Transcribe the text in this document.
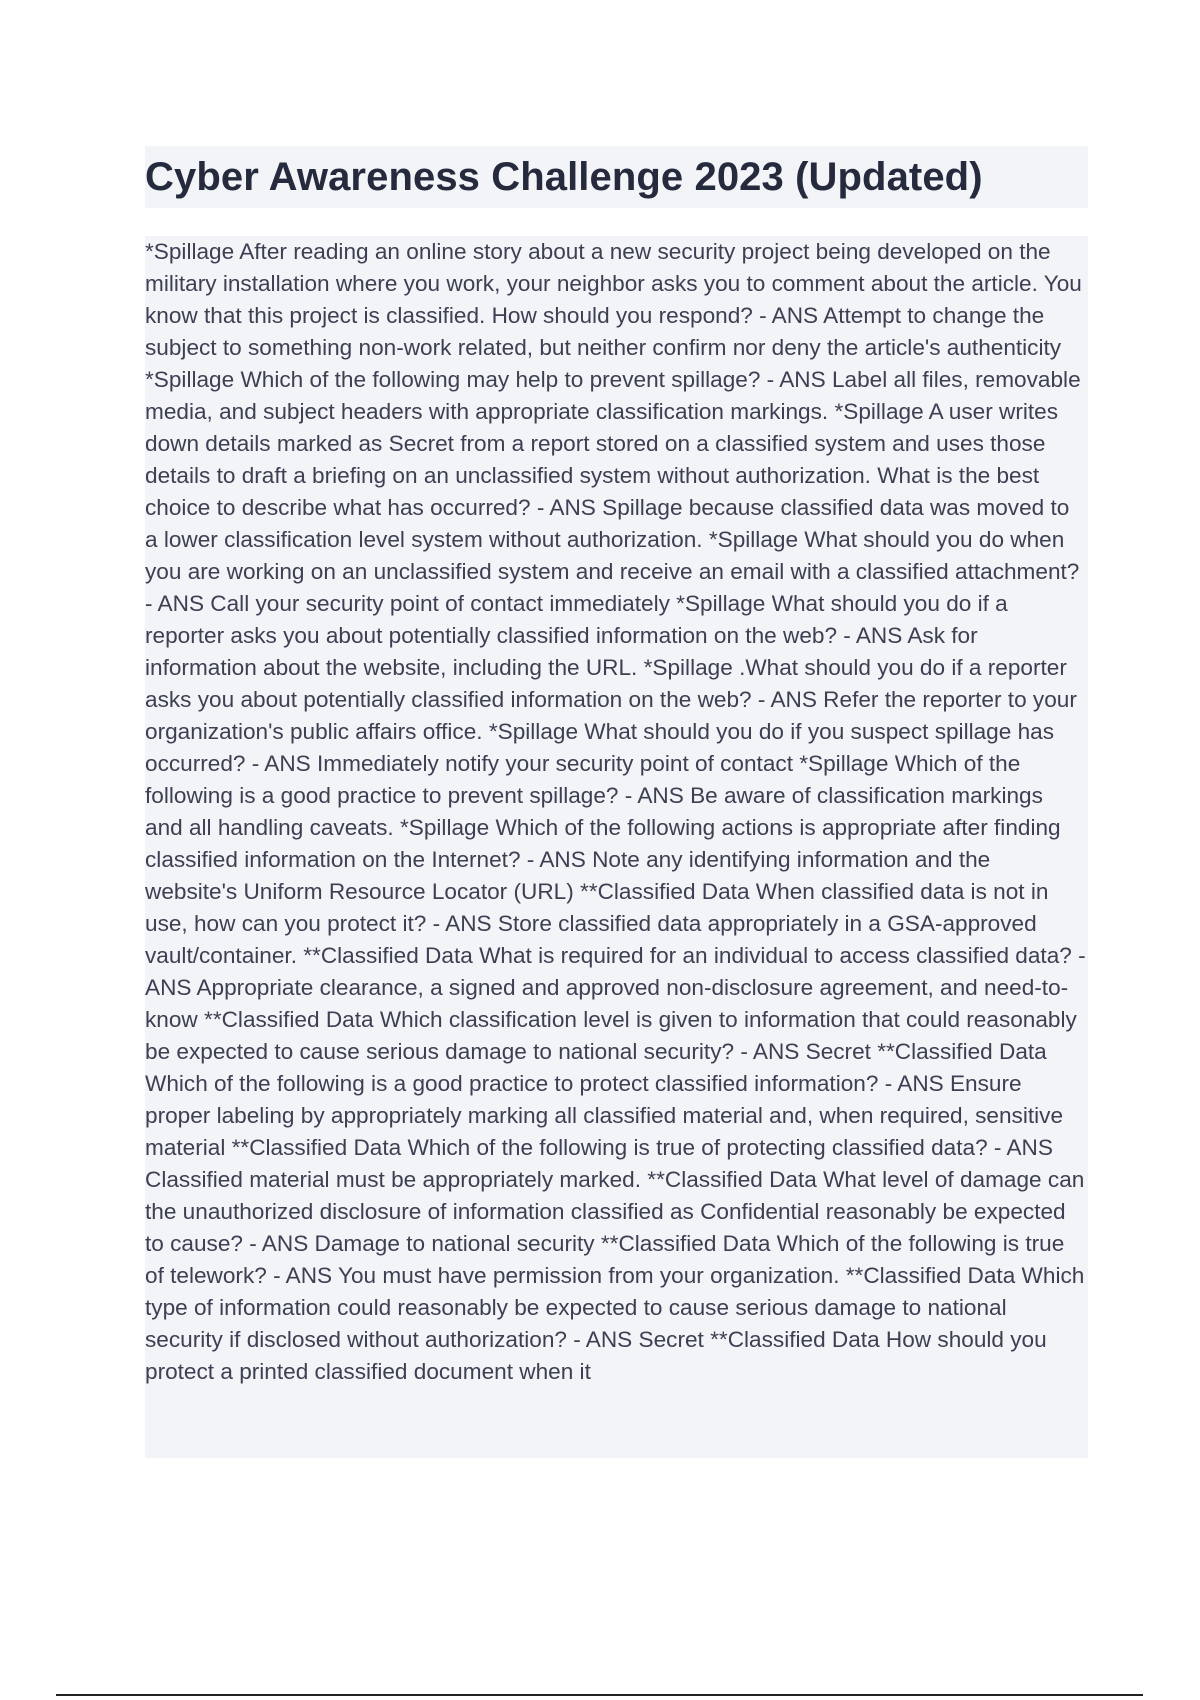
Cyber Awareness Challenge 2023 (Updated)

*Spillage After reading an online story about a new security project being developed on the military installation where you work, your neighbor asks you to comment about the article. You know that this project is classified. How should you respond? - ANS Attempt to change the subject to something non-work related, but neither confirm nor deny the article's authenticity *Spillage Which of the following may help to prevent spillage? - ANS Label all files, removable media, and subject headers with appropriate classification markings. *Spillage A user writes down details marked as Secret from a report stored on a classified system and uses those details to draft a briefing on an unclassified system without authorization. What is the best choice to describe what has occurred? - ANS Spillage because classified data was moved to a lower classification level system without authorization. *Spillage What should you do when you are working on an unclassified system and receive an email with a classified attachment? - ANS Call your security point of contact immediately *Spillage What should you do if a reporter asks you about potentially classified information on the web? - ANS Ask for information about the website, including the URL. *Spillage .What should you do if a reporter asks you about potentially classified information on the web? - ANS Refer the reporter to your organization's public affairs office. *Spillage What should you do if you suspect spillage has occurred? - ANS Immediately notify your security point of contact *Spillage Which of the following is a good practice to prevent spillage? - ANS Be aware of classification markings and all handling caveats. *Spillage Which of the following actions is appropriate after finding classified information on the Internet? - ANS Note any identifying information and the website's Uniform Resource Locator (URL) **Classified Data When classified data is not in use, how can you protect it? - ANS Store classified data appropriately in a GSA-approved vault/container. **Classified Data What is required for an individual to access classified data? - ANS Appropriate clearance, a signed and approved non-disclosure agreement, and need-to-know **Classified Data Which classification level is given to information that could reasonably be expected to cause serious damage to national security? - ANS Secret **Classified Data Which of the following is a good practice to protect classified information? - ANS Ensure proper labeling by appropriately marking all classified material and, when required, sensitive material **Classified Data Which of the following is true of protecting classified data? - ANS Classified material must be appropriately marked. **Classified Data What level of damage can the unauthorized disclosure of information classified as Confidential reasonably be expected to cause? - ANS Damage to national security **Classified Data Which of the following is true of telework? - ANS You must have permission from your organization. **Classified Data Which type of information could reasonably be expected to cause serious damage to national security if disclosed without authorization? - ANS Secret **Classified Data How should you protect a printed classified document when it
